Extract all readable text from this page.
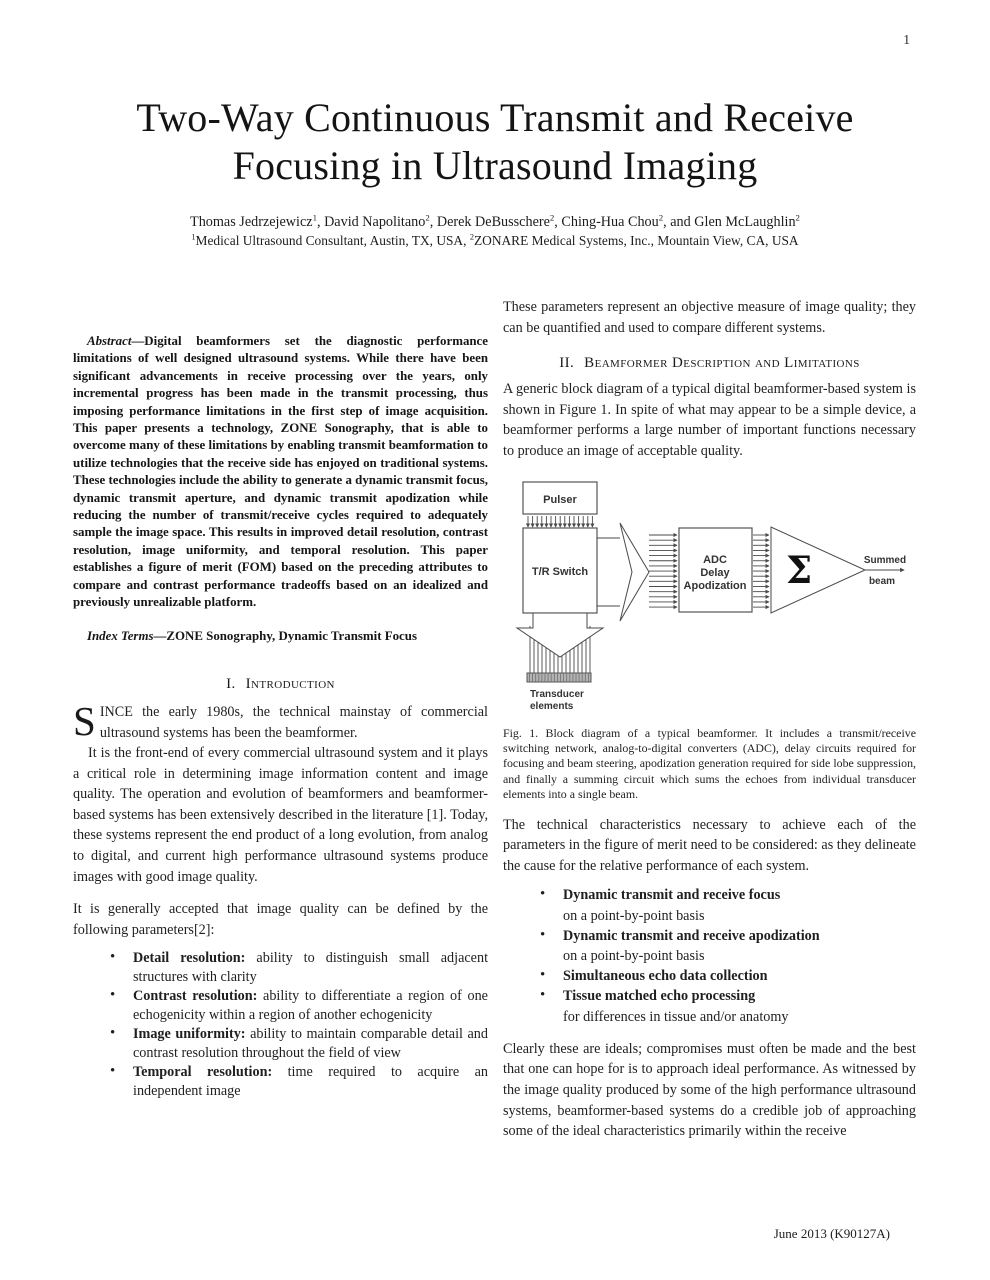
1
Two-Way Continuous Transmit and Receive
Focusing in Ultrasound Imaging
Thomas Jedrzejewicz$^1$, David Napolitano$^2$, Derek DeBusschere$^2$, Ching-Hua Chou$^2$, and Glen McLaughlin$^2$
$^1$Medical Ultrasound Consultant, Austin, TX, USA, $^2$ZONARE Medical Systems, Inc., Mountain View, CA, USA

Abstract—Digital beamformers set the diagnostic performance limitations of well designed ultrasound systems. While there have been significant advancements in receive processing over the years, only incremental progress has been made in the transmit processing, thus imposing performance limitations in the first step of image acquisition. This paper presents a technology, ZONE Sonography, that is able to overcome many of these limitations by enabling transmit beamformation to utilize technologies that the receive side has enjoyed on traditional systems. These technologies include the ability to generate a dynamic transmit focus, dynamic transmit aperture, and dynamic transmit apodization while reducing the number of transmit/receive cycles required to adequately sample the image space. This results in improved detail resolution, contrast resolution, image uniformity, and temporal resolution. This paper establishes a figure of merit (FOM) based on the preceding attributes to compare and contrast performance tradeoffs based on an idealized and previously unrealizable platform.

Index Terms—ZONE Sonography, Dynamic Transmit Focus

I. Introduction

SINCE the early 1980s, the technical mainstay of commercial ultrasound systems has been the beamformer.

It is the front-end of every commercial ultrasound system and it plays a critical role in determining image information content and image quality. The operation and evolution of beamformers and beamformer-based systems has been extensively described in the literature [1]. Today, these systems represent the end product of a long evolution, from analog to digital, and current high performance ultrasound systems produce images with good image quality.

It is generally accepted that image quality can be defined by the following parameters[2]:

• Detail resolution: ability to distinguish small adjacent structures with clarity
• Contrast resolution: ability to differentiate a region of one echogenicity within a region of another echogenicity
• Image uniformity: ability to maintain comparable detail and contrast resolution throughout the field of view
• Temporal resolution: time required to acquire an independent image

These parameters represent an objective measure of image quality; they can be quantified and used to compare different systems.

II. Beamformer Description and Limitations

A generic block diagram of a typical digital beamformer-based system is shown in Figure 1. In spite of what may appear to be a simple device, a beamformer performs a large number of important functions necessary to produce an image of acceptable quality.

Pulser
T/R Switch
ADC
Delay
Apodization Σ	Summed
beam
Transducer
elements

Fig. 1. Block diagram of a typical beamformer. It includes a transmit/receive switching network, analog-to-digital converters (ADC), delay circuits required for focusing and beam steering, apodization generation required for side lobe suppression, and finally a summing circuit which sums the echoes from individual transducer elements into a single beam.

The technical characteristics necessary to achieve each of the parameters in the figure of merit need to be considered: as they delineate the cause for the relative performance of each system.

• Dynamic transmit and receive focus
on a point-by-point basis
• Dynamic transmit and receive apodization
on a point-by-point basis
• Simultaneous echo data collection
• Tissue matched echo processing
for differences in tissue and/or anatomy

Clearly these are ideals; compromises must often be made and the best that one can hope for is to approach ideal performance. As witnessed by the image quality produced by some of the high performance ultrasound systems, beamformer-based systems do a credible job of approaching some of the ideal characteristics primarily within the receive

June 2013 (K90127A)
